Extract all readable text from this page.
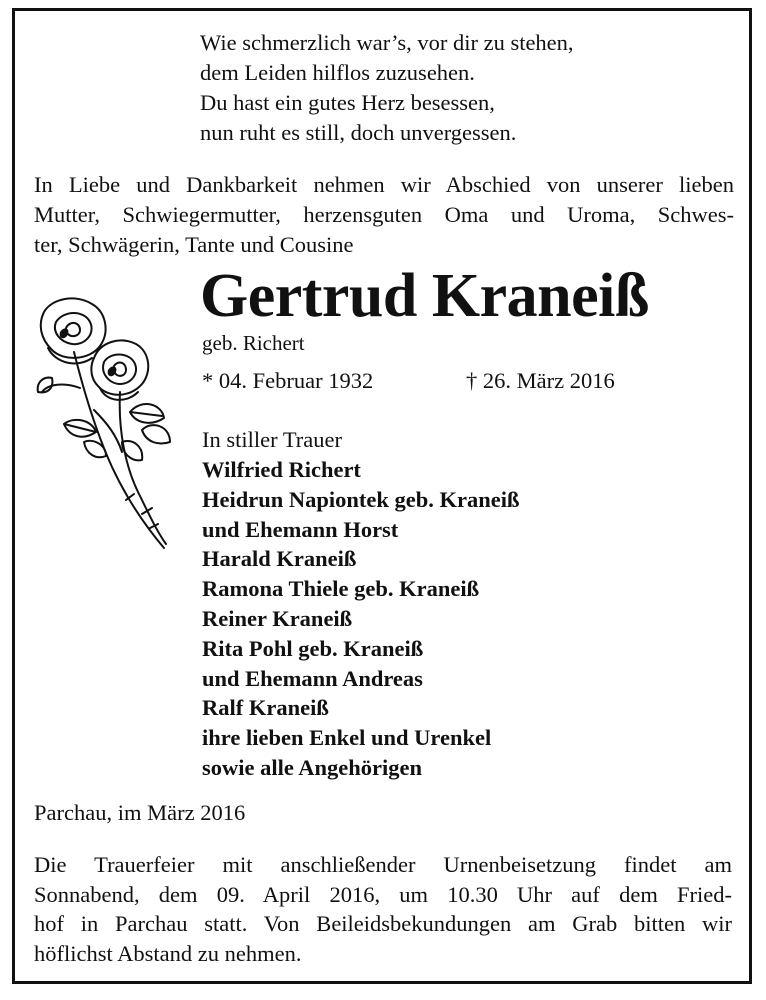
Wie schmerzlich war’s, vor dir zu stehen,
dem Leiden hilflos zuzusehen.
Du hast ein gutes Herz besessen,
nun ruht es still, doch unvergessen.
In Liebe und Dankbarkeit nehmen wir Abschied von unserer lieben
Mutter, Schwiegermutter, herzensguten Oma und Uroma, Schwes-
ter, Schwägerin, Tante und Cousine
Gertrud Kraneiß
geb. Richert
* 04. Februar 1932	† 26. März 2016
In stiller Trauer
Wilfried Richert
Heidrun Napiontek geb. Kraneiß
und Ehemann Horst
Harald Kraneiß
Ramona Thiele geb. Kraneiß
Reiner Kraneiß
Rita Pohl geb. Kraneiß
und Ehemann Andreas
Ralf Kraneiß
ihre lieben Enkel und Urenkel
sowie alle Angehörigen
Parchau, im März 2016
Die Trauerfeier mit anschließender Urnenbeisetzung findet am
Sonnabend, dem 09. April 2016, um 10.30 Uhr auf dem Fried-
hof in Parchau statt. Von Beileidsbekundungen am Grab bitten wir
höflichst Abstand zu nehmen.
